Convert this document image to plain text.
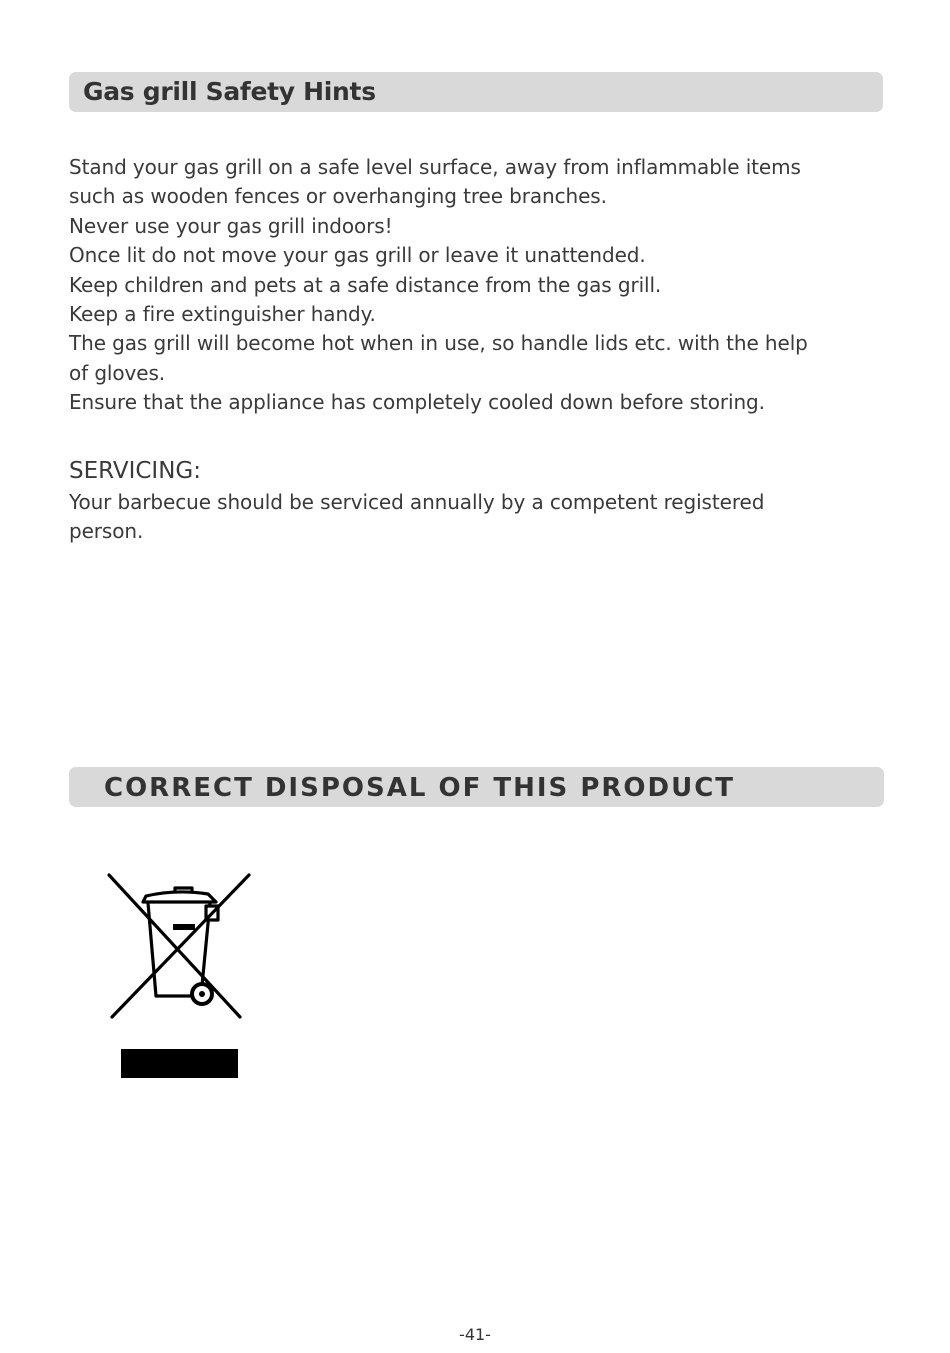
Gas grill Safety Hints
Stand your gas grill on a safe level surface, away from inflammable items
such as wooden fences or overhanging tree branches.
Never use your gas grill indoors!
Once lit do not move your gas grill or leave it unattended.
Keep children and pets at a safe distance from the gas grill.
Keep a fire extinguisher handy.
The gas grill will become hot when in use, so handle lids etc. with the help
of gloves.
Ensure that the appliance has completely cooled down before storing.
SERVICING:
Your barbecue should be serviced annually by a competent registered
person.
CORRECT DISPOSAL OF THIS PRODUCT
-41-
